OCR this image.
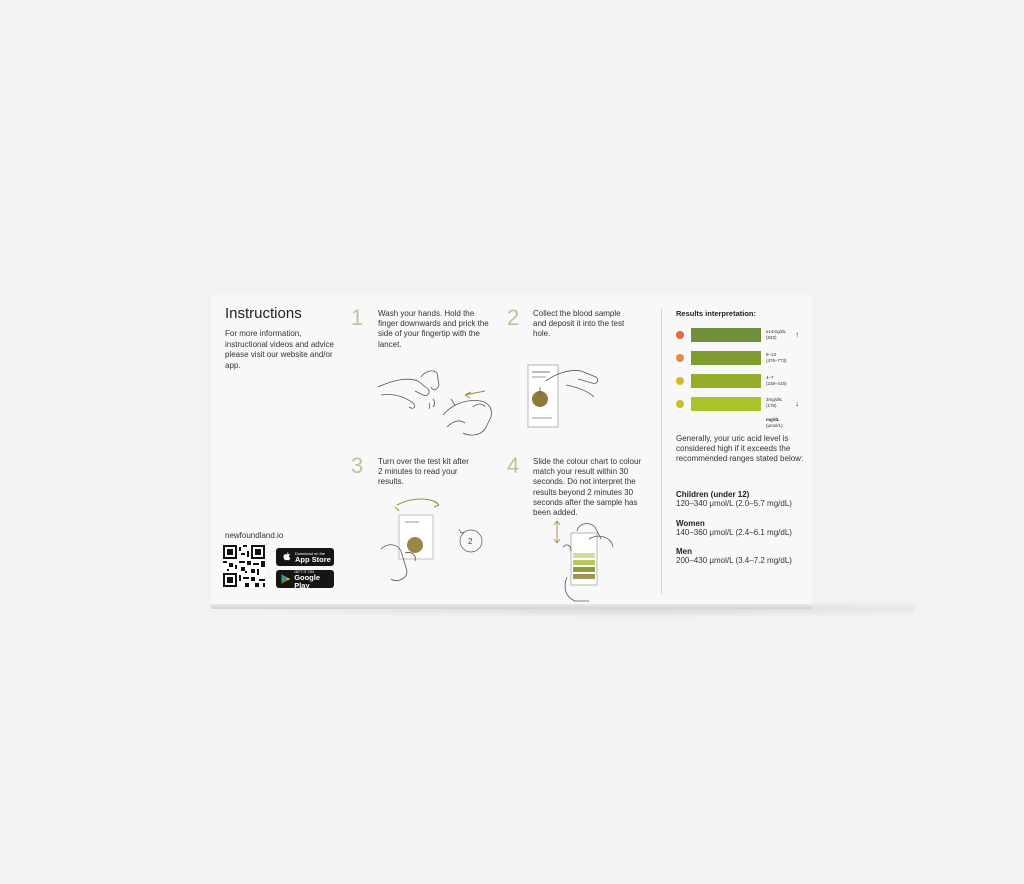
Instructions
For more information, instructional videos and advice please visit our website and/or app.
newfoundland.io
Download on the
App Store
GET IT ON
Google Play
1 Wash your hands. Hold the finger downwards and prick the side of your fingertip with the lancet.
2 Collect the blood sample and deposit it into the test hole.
3 Turn over the test kit after 2 minutes to read your results.
2
4 Slide the colour chart to colour match your result within 30 seconds. Do not interpret the results beyond 2 minutes 30 seconds after the sample has been added.
Results interpretation:
≥14mg/dL
(833)	↑
8–13
(476–773)
4–7
(238–416)
3mg/dl≤
(178)	↓
mg/dL
(μmol/L)
Generally, your uric acid level is considered high if it exceeds the recommended ranges stated below:
Children (under 12)
120–340 μmol/L (2.0–5.7 mg/dL)
Women
140–360 μmol/L (2.4–6.1 mg/dL)
Men
200–430 μmol/L (3.4–7.2 mg/dL)
